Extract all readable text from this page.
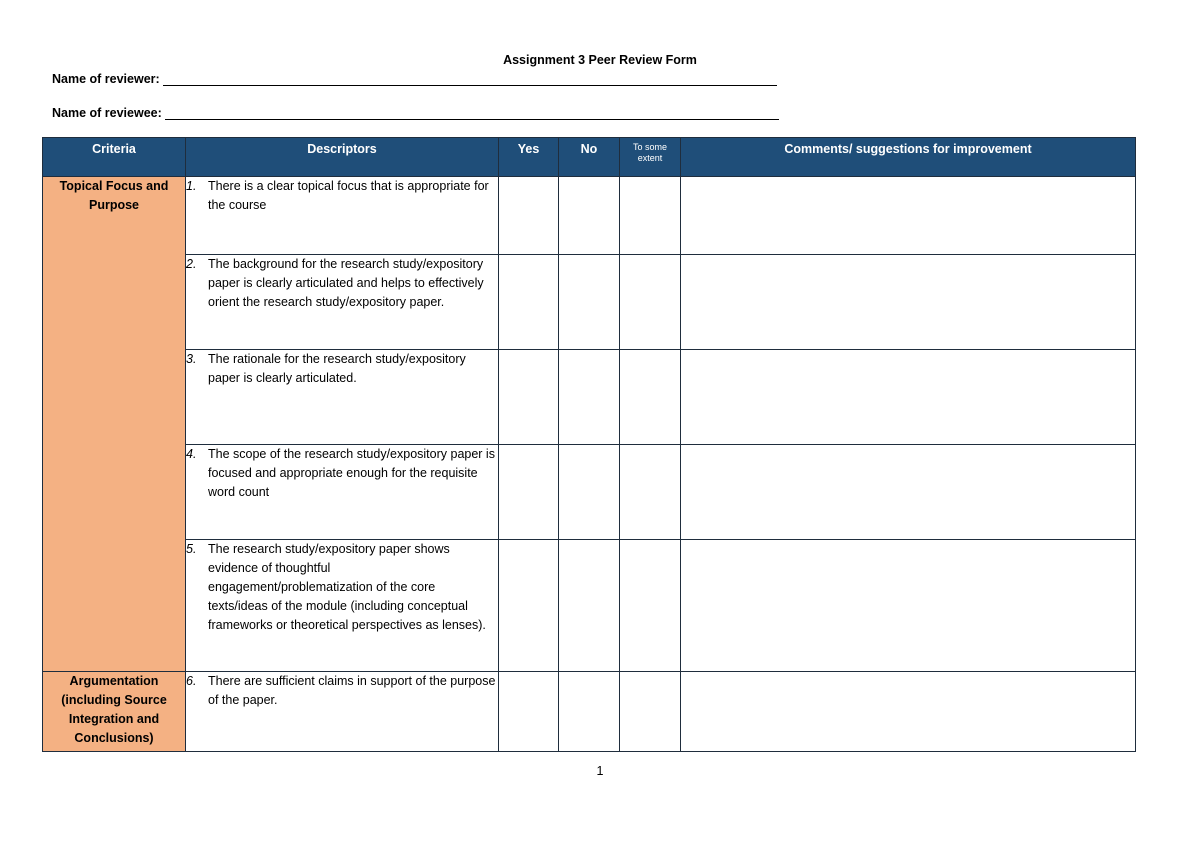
Assignment 3 Peer Review Form
Name of reviewer:
Name of reviewee:
Criteria	Descriptors	Yes	No	To some extent	Comments/ suggestions for improvement
Topical Focus and Purpose	1. There is a clear topical focus that is appropriate for the course				

	2. The background for the research study/expository paper is clearly articulated and helps to effectively orient the research study/expository paper.				

	3. The rationale for the research study/expository paper is clearly articulated.				

	4. The scope of the research study/expository paper is focused and appropriate enough for the requisite word count				

	5. The research study/expository paper shows evidence of thoughtful engagement/problematization of the core texts/ideas of the module (including conceptual frameworks or theoretical perspectives as lenses).				

Argumentation (including Source Integration and Conclusions)	6. There are sufficient claims in support of the purpose of the paper.				

1
